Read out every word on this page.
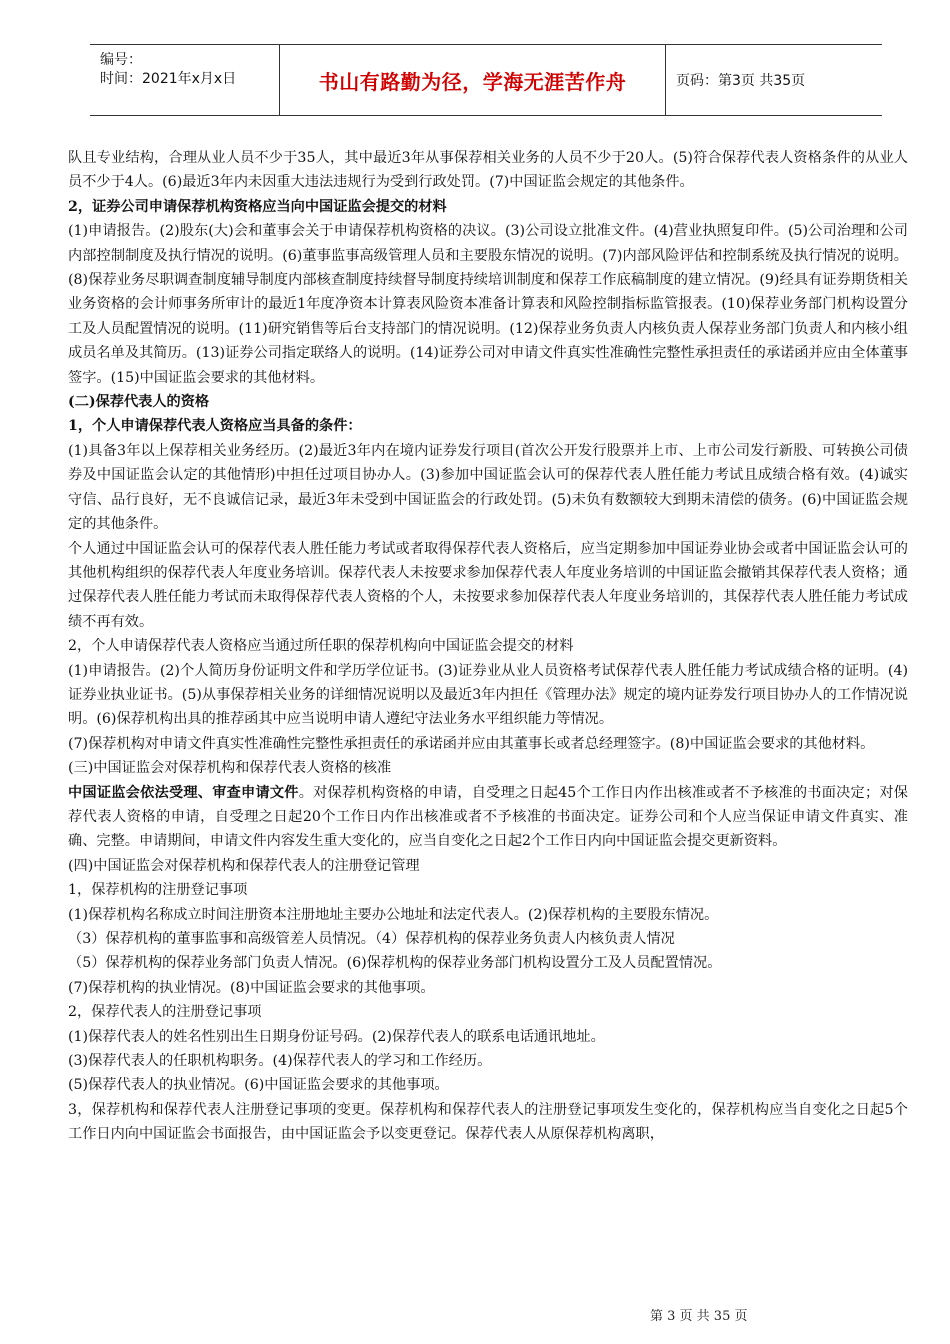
编号：
时间：2021年x月x日	书山有路勤为径，学海无涯苦作舟	页码：第3页 共35页

队且专业结构，合理从业人员不少于35人，其中最近3年从事保荐相关业务的人员不少于20人。(5)符合保荐代表人资格条件的从业人员不少于4人。(6)最近3年内未因重大违法违规行为受到行政处罚。(7)中国证监会规定的其他条件。

2，证券公司申请保荐机构资格应当向中国证监会提交的材料

(1)申请报告。(2)股东(大)会和董事会关于申请保荐机构资格的决议。(3)公司设立批准文件。(4)营业执照复印件。(5)公司治理和公司内部控制制度及执行情况的说明。(6)董事监事高级管理人员和主要股东情况的说明。(7)内部风险评估和控制系统及执行情况的说明。(8)保荐业务尽职调查制度辅导制度内部核查制度持续督导制度持续培训制度和保荐工作底稿制度的建立情况。(9)经具有证券期货相关业务资格的会计师事务所审计的最近1年度净资本计算表风险资本准备计算表和风险控制指标监管报表。(10)保荐业务部门机构设置分工及人员配置情况的说明。(11)研究销售等后台支持部门的情况说明。(12)保荐业务负责人内核负责人保荐业务部门负责人和内核小组成员名单及其简历。(13)证券公司指定联络人的说明。(14)证券公司对申请文件真实性准确性完整性承担责任的承诺函并应由全体董事签字。(15)中国证监会要求的其他材料。

(二)保荐代表人的资格

1，个人申请保荐代表人资格应当具备的条件：

(1)具备3年以上保荐相关业务经历。(2)最近3年内在境内证券发行项目(首次公开发行股票并上市、上市公司发行新股、可转换公司债券及中国证监会认定的其他情形)中担任过项目协办人。(3)参加中国证监会认可的保荐代表人胜任能力考试且成绩合格有效。(4)诚实守信、品行良好，无不良诚信记录，最近3年未受到中国证监会的行政处罚。(5)未负有数额较大到期未清偿的债务。(6)中国证监会规定的其他条件。

个人通过中国证监会认可的保荐代表人胜任能力考试或者取得保荐代表人资格后，应当定期参加中国证券业协会或者中国证监会认可的其他机构组织的保荐代表人年度业务培训。保荐代表人未按要求参加保荐代表人年度业务培训的中国证监会撤销其保荐代表人资格；通过保荐代表人胜任能力考试而未取得保荐代表人资格的个人，未按要求参加保荐代表人年度业务培训的，其保荐代表人胜任能力考试成绩不再有效。

2，个人申请保荐代表人资格应当通过所任职的保荐机构向中国证监会提交的材料

(1)申请报告。(2)个人简历身份证明文件和学历学位证书。(3)证券业从业人员资格考试保荐代表人胜任能力考试成绩合格的证明。(4)证券业执业证书。(5)从事保荐相关业务的详细情况说明以及最近3年内担任《管理办法》规定的境内证券发行项目协办人的工作情况说明。(6)保荐机构出具的推荐函其中应当说明申请人遵纪守法业务水平组织能力等情况。

(7)保荐机构对申请文件真实性准确性完整性承担责任的承诺函并应由其董事长或者总经理签字。(8)中国证监会要求的其他材料。

(三)中国证监会对保荐机构和保荐代表人资格的核准

中国证监会依法受理、审查申请文件。对保荐机构资格的申请，自受理之日起45个工作日内作出核准或者不予核准的书面决定；对保荐代表人资格的申请，自受理之日起20个工作日内作出核准或者不予核准的书面决定。证券公司和个人应当保证申请文件真实、准确、完整。申请期间，申请文件内容发生重大变化的，应当自变化之日起2个工作日内向中国证监会提交更新资料。

(四)中国证监会对保荐机构和保荐代表人的注册登记管理

1，保荐机构的注册登记事项

(1)保荐机构名称成立时间注册资本注册地址主要办公地址和法定代表人。(2)保荐机构的主要股东情况。

（3）保荐机构的董事监事和高级管差人员情况。（4）保荐机构的保荐业务负责人内核负责人情况

（5）保荐机构的保荐业务部门负责人情况。(6)保荐机构的保荐业务部门机构设置分工及人员配置情况。

(7)保荐机构的执业情况。(8)中国证监会要求的其他事项。

2，保荐代表人的注册登记事项

(1)保荐代表人的姓名性别出生日期身份证号码。(2)保荐代表人的联系电话通讯地址。

(3)保荐代表人的任职机构职务。(4)保荐代表人的学习和工作经历。

(5)保荐代表人的执业情况。(6)中国证监会要求的其他事项。

3，保荐机构和保荐代表人注册登记事项的变更。保荐机构和保荐代表人的注册登记事项发生变化的，保荐机构应当自变化之日起5个工作日内向中国证监会书面报告，由中国证监会予以变更登记。保荐代表人从原保荐机构离职，

第 3 页 共 35 页
